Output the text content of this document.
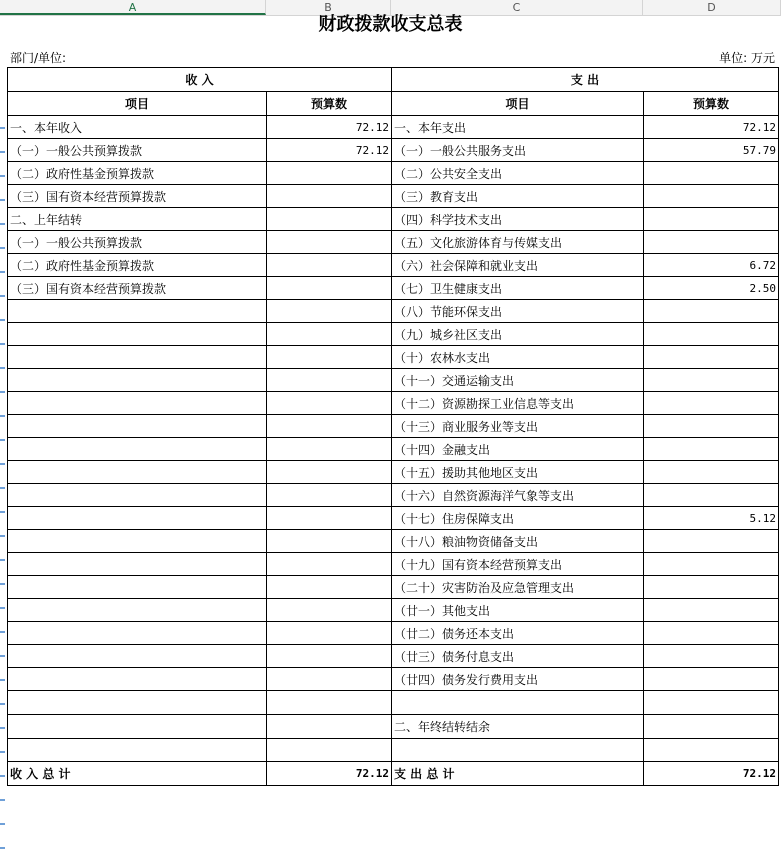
A	B	C	D
财政拨款收支总表
部门/单位:	单位: 万元
收 入		支 出	
项目	预算数	项目	预算数
一、本年收入	72.12	一、本年支出	72.12
（一）一般公共预算拨款	72.12	（一）一般公共服务支出	57.79
（二）政府性基金预算拨款		（二）公共安全支出	
（三）国有资本经营预算拨款		（三）教育支出	
二、上年结转		（四）科学技术支出	
（一）一般公共预算拨款		（五）文化旅游体育与传媒支出	
（二）政府性基金预算拨款		（六）社会保障和就业支出	6.72
（三）国有资本经营预算拨款		（七）卫生健康支出	2.50
		（八）节能环保支出	
		（九）城乡社区支出	
		（十）农林水支出	
		（十一）交通运输支出	
		（十二）资源勘探工业信息等支出	
		（十三）商业服务业等支出	
		（十四）金融支出	
		（十五）援助其他地区支出	
		（十六）自然资源海洋气象等支出	
		（十七）住房保障支出	5.12
		（十八）粮油物资储备支出	
		（十九）国有资本经营预算支出	
		（二十）灾害防治及应急管理支出	
		（廿一）其他支出	
		（廿二）债务还本支出	
		（廿三）债务付息支出	
		（廿四）债务发行费用支出	

		二、年终结转结余	

收 入 总 计	72.12	支 出 总 计	72.12
